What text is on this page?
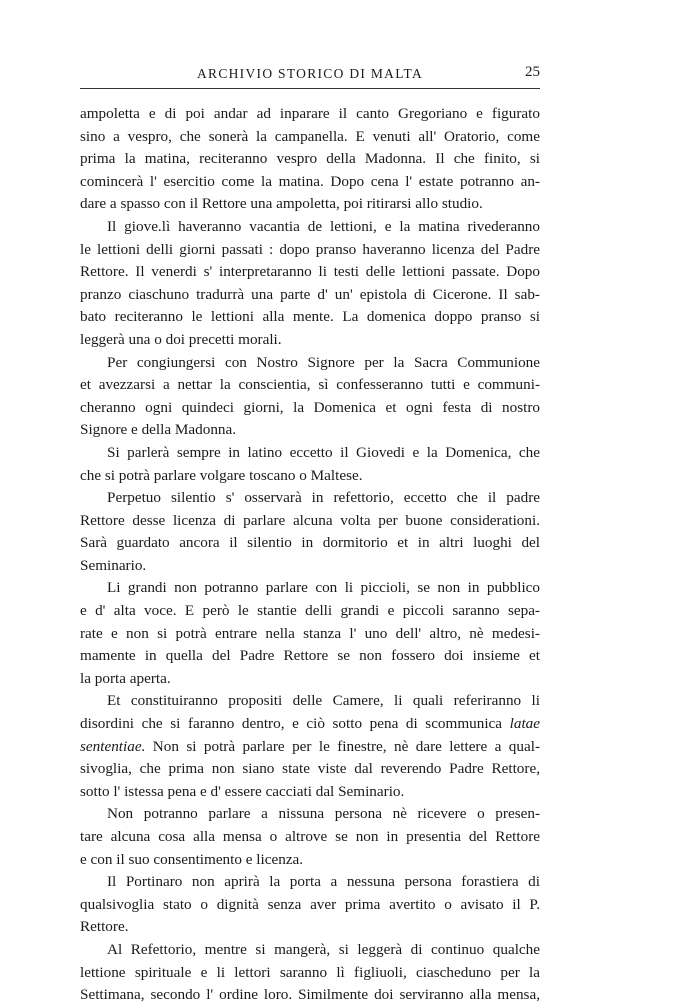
ARCHIVIO STORICO DI MALTA	25

ampoletta e di poi andar ad inparare il canto Gregoriano e figurato
sino a vespro, che sonerà la campanella. E venuti all' Oratorio, come
prima la matina, reciteranno vespro della Madonna. Il che finito, si
comincerà l' esercitio come la matina. Dopo cena l' estate potranno an-
dare a spasso con il Rettore una ampoletta, poi ritirarsi allo studio.

Il giove.lì haveranno vacantia de lettioni, e la matina rivederanno
le lettioni delli giorni passati : dopo pranso haveranno licenza del Padre
Rettore. Il venerdi s' interpretaranno li testi delle lettioni passate. Dopo
pranzo ciaschuno tradurrà una parte d' un' epistola di Cicerone. Il sab-
bato reciteranno le lettioni alla mente. La domenica doppo pranso si
leggerà una o doi precetti morali.

Per congiungersi con Nostro Signore per la Sacra Communione
et avezzarsi a nettar la conscientia, sì confesseranno tutti e communi-
cheranno ogni quindeci giorni, la Domenica et ogni festa di nostro
Signore e della Madonna.

Si parlerà sempre in latino eccetto il Giovedi e la Domenica, che
che si potrà parlare volgare toscano o Maltese.

Perpetuo silentio s' osservarà in refettorio, eccetto che il padre
Rettore desse licenza di parlare alcuna volta per buone considerationi.
Sarà guardato ancora il silentio in dormitorio et in altri luoghi del
Seminario.

Li grandi non potranno parlare con li piccioli, se non in pubblico
e d' alta voce. E però le stantie delli grandi e piccoli saranno sepa-
rate e non si potrà entrare nella stanza l' uno dell' altro, nè medesi-
mamente in quella del Padre Rettore se non fossero doi insieme et
la porta aperta.

Et constituiranno propositi delle Camere, li quali referiranno li
disordini che si faranno dentro, e ciò sotto pena di scommunica latae
sententiae. Non si potrà parlare per le finestre, nè dare lettere a qual-
sivoglia, che prima non siano state viste dal reverendo Padre Rettore,
sotto l' istessa pena e d' essere cacciati dal Seminario.

Non potranno parlare a nissuna persona nè ricevere o presen-
tare alcuna cosa alla mensa o altrove se non in presentia del Rettore
e con il suo consentimento e licenza.

Il Portinaro non aprirà la porta a nessuna persona forastiera di
qualsivoglia stato o dignità senza aver prima avertito o avisato il P.
Rettore.

Al Refettorio, mentre si mangerà, si leggerà di continuo qualche
lettione spirituale e li lettori saranno lì figliuoli, ciascheduno per la
Settimana, secondo l' ordine loro. Similmente doi serviranno alla mensa,
